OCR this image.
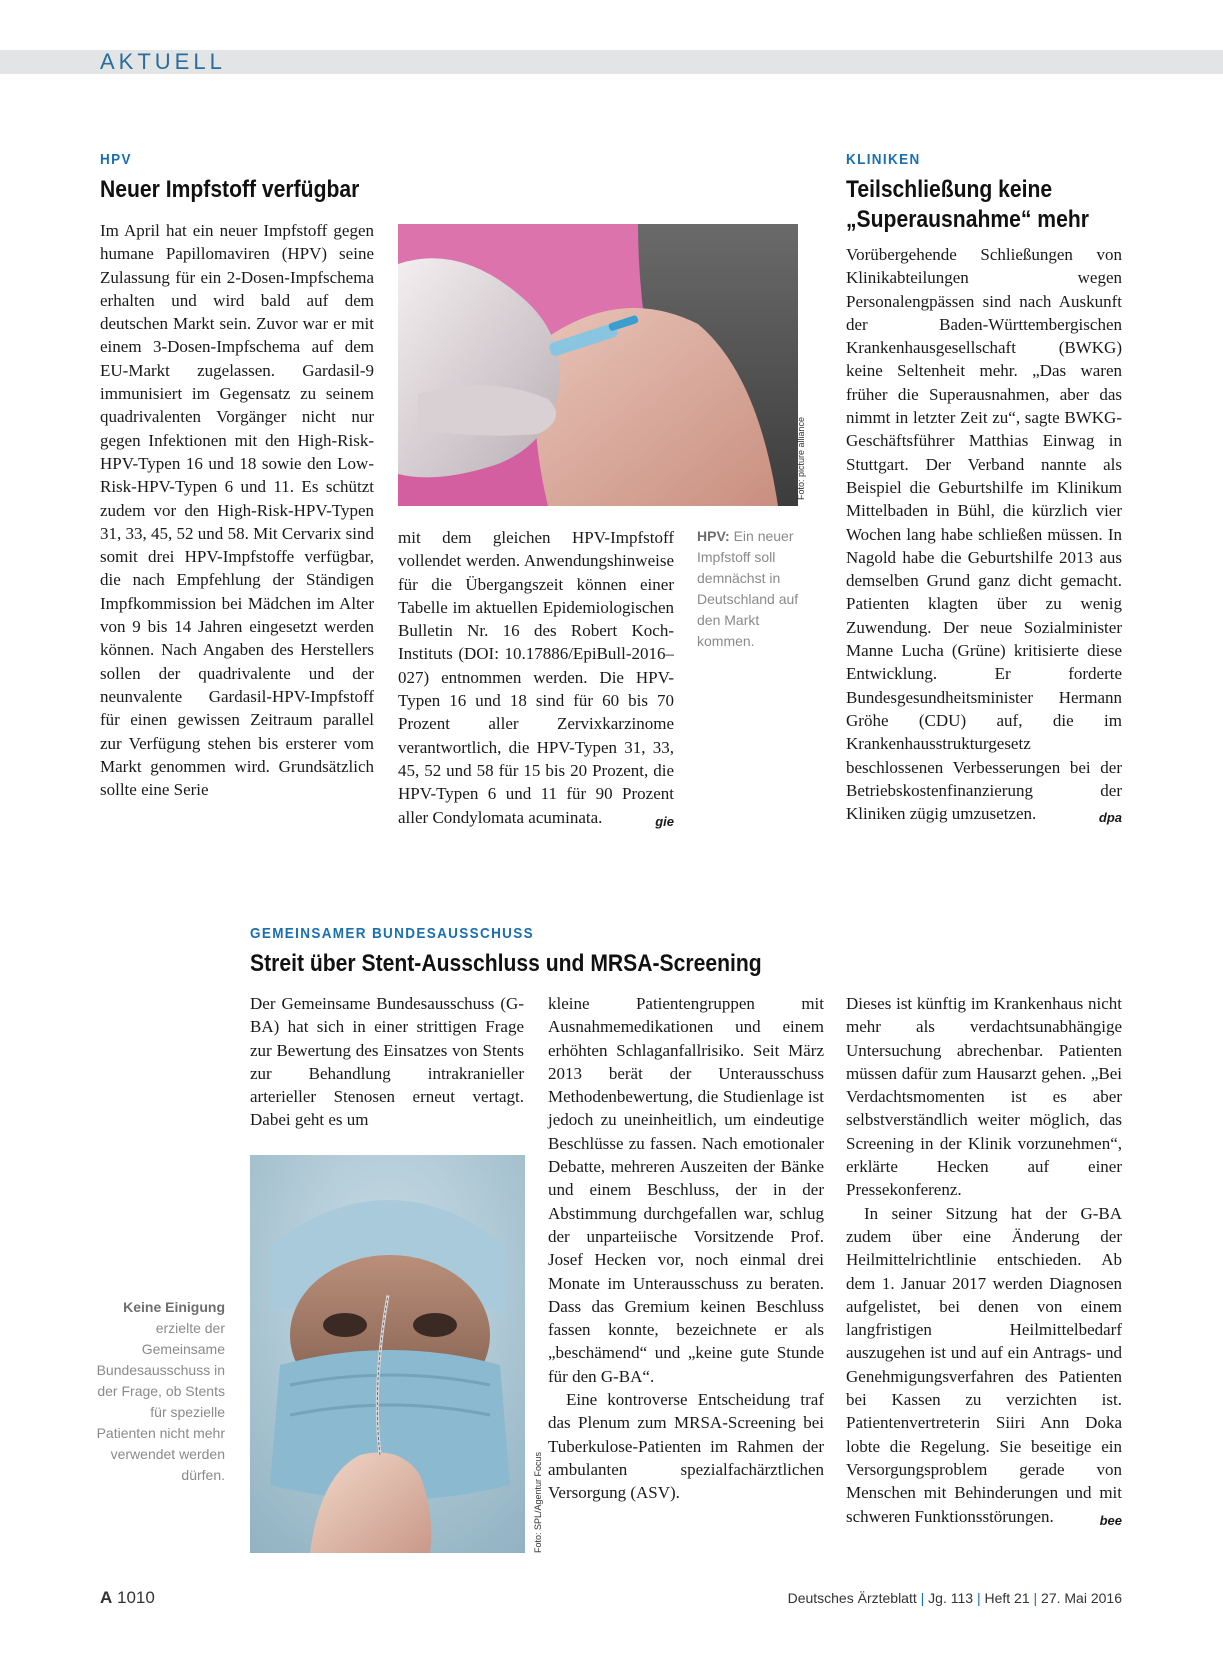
AKTUELL
HPV
Neuer Impfstoff verfügbar

Im April hat ein neuer Impfstoff gegen humane Papillomaviren (HPV) seine Zulassung für ein 2-Dosen-Impfschema erhalten und wird bald auf dem deutschen Markt sein. Zuvor war er mit einem 3-Dosen-Impfschema auf dem EU-Markt zugelassen. Gardasil-9 immunisiert im Gegensatz zu seinem quadrivalenten Vorgänger nicht nur gegen Infektionen mit den High-Risk-HPV-Typen 16 und 18 sowie den Low-Risk-HPV-Typen 6 und 11. Es schützt zudem vor den High-Risk-HPV-Typen 31, 33, 45, 52 und 58. Mit Cervarix sind somit drei HPV-Impfstoffe verfügbar, die nach Empfehlung der Ständigen Impfkommission bei Mädchen im Alter von 9 bis 14 Jahren eingesetzt werden können. Nach Angaben des Herstellers sollen der quadrivalente und der neunvalente Gardasil-HPV-Impfstoff für einen gewissen Zeitraum parallel zur Verfügung stehen bis ersterer vom Markt genommen wird. Grundsätzlich sollte eine Serie

Foto: picture alliance

mit dem gleichen HPV-Impfstoff vollendet werden. Anwendungshinweise für die Übergangszeit können einer Tabelle im aktuellen Epidemiologischen Bulletin Nr. 16 des Robert Koch-Instituts (DOI: 10.17886/EpiBull-2016–027) entnommen werden. Die HPV-Typen 16 und 18 sind für 60 bis 70 Prozent aller Zervixkarzinome verantwortlich, die HPV-Typen 31, 33, 45, 52 und 58 für 15 bis 20 Prozent, die HPV-Typen 6 und 11 für 90 Prozent aller Condylomata acuminata.	gie

HPV: Ein neuer Impfstoff soll demnächst in Deutschland auf den Markt kommen.
KLINIKEN
Teilschließung keine
„Superausnahme“ mehr

Vorübergehende Schließungen von Klinikabteilungen wegen Personalengpässen sind nach Auskunft der Baden-Württembergischen Krankenhausgesellschaft (BWKG) keine Seltenheit mehr. „Das waren früher die Superausnahmen, aber das nimmt in letzter Zeit zu“, sagte BWKG-Geschäftsführer Matthias Einwag in Stuttgart. Der Verband nannte als Beispiel die Geburtshilfe im Klinikum Mittelbaden in Bühl, die kürzlich vier Wochen lang habe schließen müssen. In Nagold habe die Geburtshilfe 2013 aus demselben Grund ganz dicht gemacht. Patienten klagten über zu wenig Zuwendung. Der neue Sozialminister Manne Lucha (Grüne) kritisierte diese Entwicklung. Er forderte Bundesgesundheitsminister Hermann Gröhe (CDU) auf, die im Krankenhausstrukturgesetz beschlossenen Verbesserungen bei der Betriebskostenfinanzierung der Kliniken zügig umzusetzen.	dpa

GEMEINSAMER BUNDESAUSSCHUSS
Streit über Stent-Ausschluss und MRSA-Screening

Der Gemeinsame Bundesausschuss (G-BA) hat sich in einer strittigen Frage zur Bewertung des Einsatzes von Stents zur Behandlung intrakranieller arterieller Stenosen erneut vertagt. Dabei geht es um

Foto: SPL/Agentur Focus
Keine Einigung
erzielte der Gemeinsame Bundesausschuss in der Frage, ob Stents für spezielle Patienten nicht mehr verwendet werden dürfen.

kleine Patientengruppen mit Ausnahmemedikationen und einem erhöhten Schlaganfallrisiko. Seit März 2013 berät der Unterausschuss Methodenbewertung, die Studienlage ist jedoch zu uneinheitlich, um eindeutige Beschlüsse zu fassen. Nach emotionaler Debatte, mehreren Auszeiten der Bänke und einem Beschluss, der in der Abstimmung durchgefallen war, schlug der unparteiische Vorsitzende Prof. Josef Hecken vor, noch einmal drei Monate im Unterausschuss zu beraten. Dass das Gremium keinen Beschluss fassen konnte, bezeichnete er als „beschämend“ und „keine gute Stunde für den G-BA“.

Eine kontroverse Entscheidung traf das Plenum zum MRSA-Screening bei Tuberkulose-Patienten im Rahmen der ambulanten spezialfachärztlichen Versorgung (ASV).

Dieses ist künftig im Krankenhaus nicht mehr als verdachtsunabhängige Untersuchung abrechenbar. Patienten müssen dafür zum Hausarzt gehen. „Bei Verdachtsmomenten ist es aber selbstverständlich weiter möglich, das Screening in der Klinik vorzunehmen“, erklärte Hecken auf einer Pressekonferenz.

In seiner Sitzung hat der G-BA zudem über eine Änderung der Heilmittelrichtlinie entschieden. Ab dem 1. Januar 2017 werden Diagnosen aufgelistet, bei denen von einem langfristigen Heilmittelbedarf auszugehen ist und auf ein Antrags- und Genehmigungsverfahren des Patienten bei Kassen zu verzichten ist. Patientenvertreterin Siiri Ann Doka lobte die Regelung. Sie beseitige ein Versorgungsproblem gerade von Menschen mit Behinderungen und mit schweren Funktionsstörungen.	bee

A 1010	Deutsches Ärzteblatt | Jg. 113 | Heft 21 | 27. Mai 2016
